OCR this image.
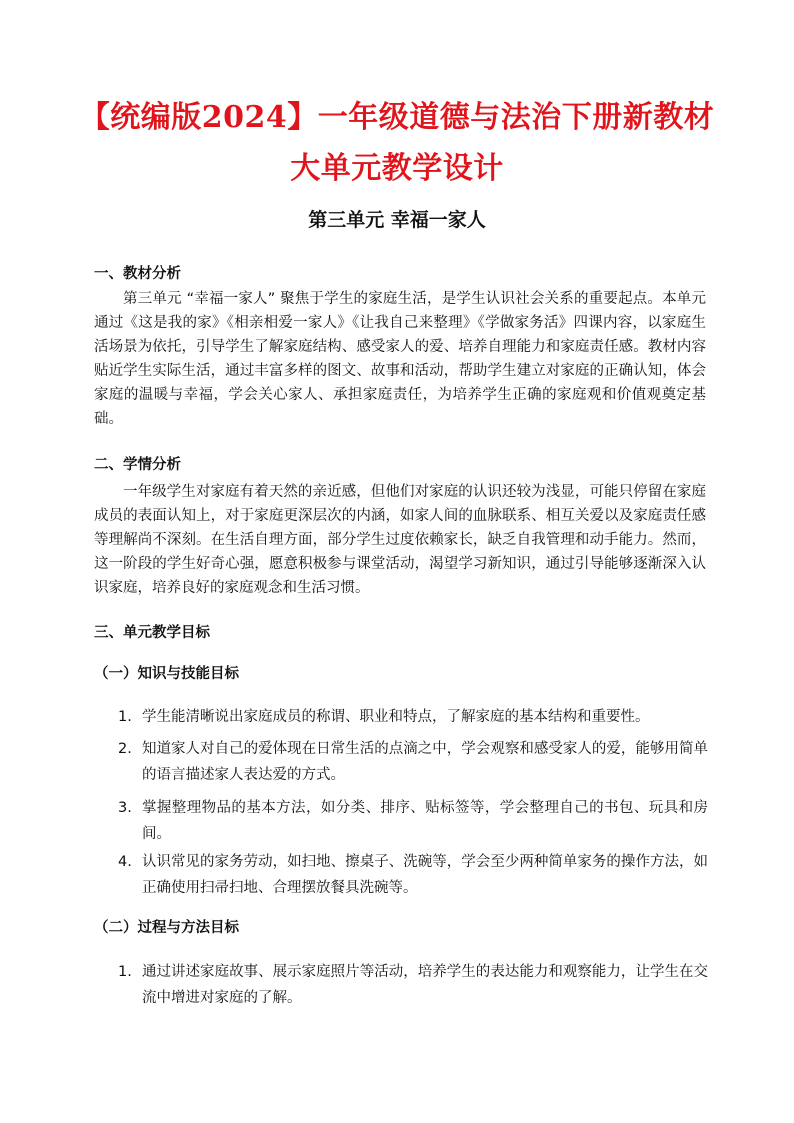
【统编版2024】一年级道德与法治下册新教材
大单元教学设计
第三单元 幸福一家人
一、教材分析
第三单元 “幸福一家人” 聚焦于学生的家庭生活，是学生认识社会关系的重要起点。本单元通过《这是我的家》《相亲相爱一家人》《让我自己来整理》《学做家务活》四课内容，以家庭生活场景为依托，引导学生了解家庭结构、感受家人的爱、培养自理能力和家庭责任感。教材内容贴近学生实际生活，通过丰富多样的图文、故事和活动，帮助学生建立对家庭的正确认知，体会家庭的温暖与幸福，学会关心家人、承担家庭责任，为培养学生正确的家庭观和价值观奠定基础。
二、学情分析
一年级学生对家庭有着天然的亲近感，但他们对家庭的认识还较为浅显，可能只停留在家庭成员的表面认知上，对于家庭更深层次的内涵，如家人间的血脉联系、相互关爱以及家庭责任感等理解尚不深刻。在生活自理方面，部分学生过度依赖家长，缺乏自我管理和动手能力。然而，这一阶段的学生好奇心强，愿意积极参与课堂活动，渴望学习新知识，通过引导能够逐渐深入认识家庭，培养良好的家庭观念和生活习惯。
三、单元教学目标
（一）知识与技能目标
1. 学生能清晰说出家庭成员的称谓、职业和特点，了解家庭的基本结构和重要性。
2. 知道家人对自己的爱体现在日常生活的点滴之中，学会观察和感受家人的爱，能够用简单的语言描述家人表达爱的方式。
3. 掌握整理物品的基本方法，如分类、排序、贴标签等，学会整理自己的书包、玩具和房间。
4. 认识常见的家务劳动，如扫地、擦桌子、洗碗等，学会至少两种简单家务的操作方法，如正确使用扫帚扫地、合理摆放餐具洗碗等。
（二）过程与方法目标
1. 通过讲述家庭故事、展示家庭照片等活动，培养学生的表达能力和观察能力，让学生在交流中增进对家庭的了解。
